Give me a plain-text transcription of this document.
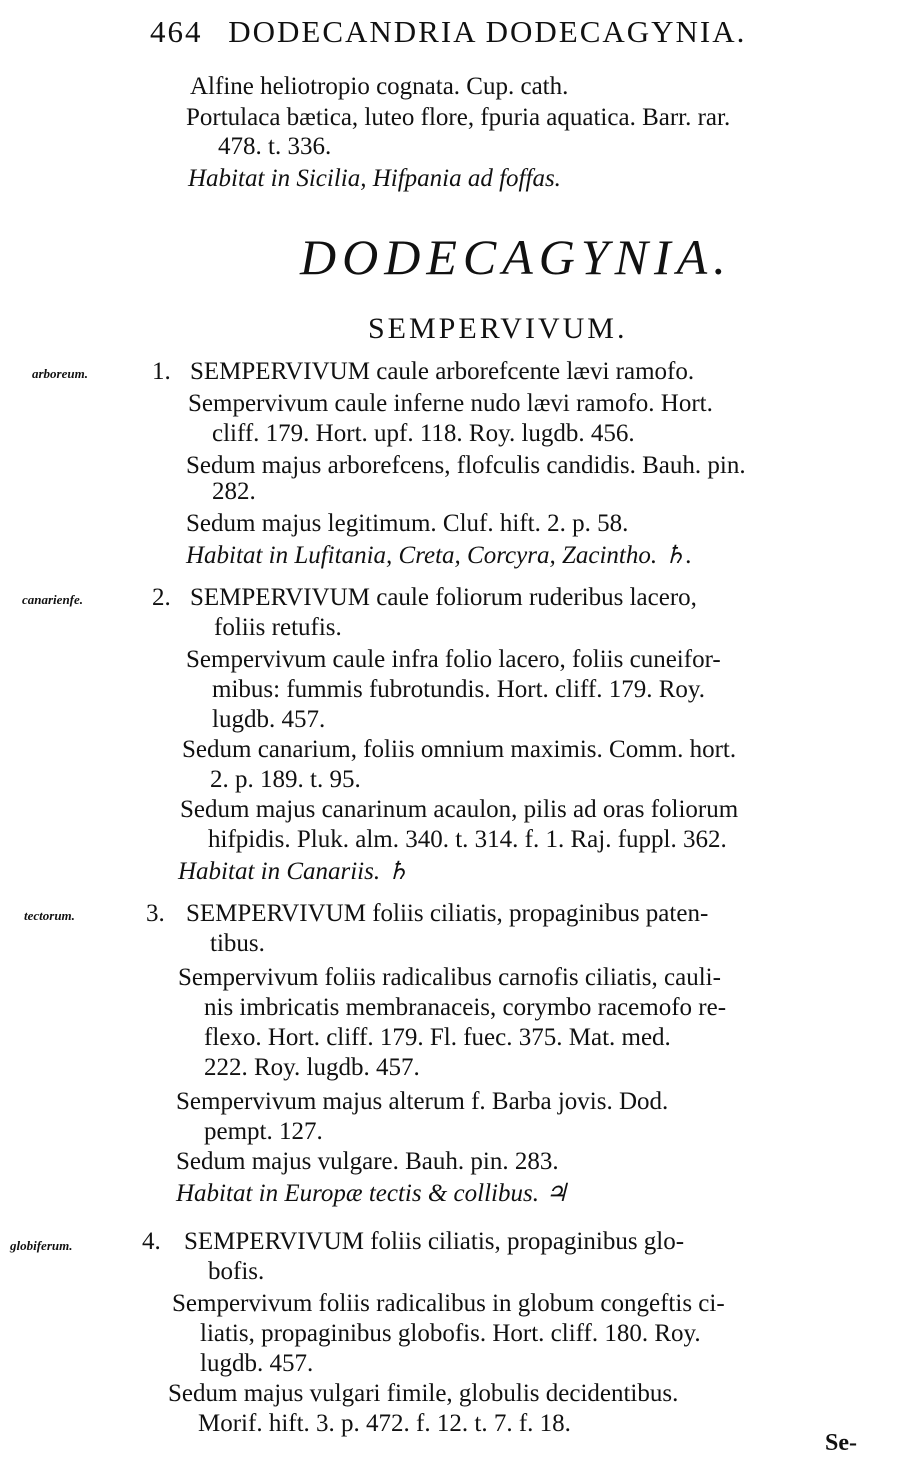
464 DODECANDRIA DODECAGYNIA.
Alfine heliotropio cognata. Cup. cath.
Portulaca bætica, luteo flore, fpuria aquatica. Barr. rar.
478. t. 336.
Habitat in Sicilia, Hifpania ad foffas.
DODECAGYNIA.
SEMPERVIVUM.
arboreum.	1. SEMPERVIVUM caule arborefcente lævi ramofo.
Sempervivum caule inferne nudo lævi ramofo. Hort.
cliff. 179. Hort. upf. 118. Roy. lugdb. 456.
Sedum majus arborefcens, flofculis candidis. Bauh. pin.
282.
Sedum majus legitimum. Cluf. hift. 2. p. 58.
Habitat in Lufitania, Creta, Corcyra, Zacintho. ♄.
canarienfe.	2. SEMPERVIVUM caule foliorum ruderibus lacero,
foliis retufis.
Sempervivum caule infra folio lacero, foliis cuneifor-
mibus: fummis fubrotundis. Hort. cliff. 179. Roy.
lugdb. 457.
Sedum canarium, foliis omnium maximis. Comm. hort.
2. p. 189. t. 95.
Sedum majus canarinum acaulon, pilis ad oras foliorum
hifpidis. Pluk. alm. 340. t. 314. f. 1. Raj. fuppl. 362.
Habitat in Canariis. ♄
tectorum.	3. SEMPERVIVUM foliis ciliatis, propaginibus paten-
tibus.
Sempervivum foliis radicalibus carnofis ciliatis, cauli-
nis imbricatis membranaceis, corymbo racemofo re-
flexo. Hort. cliff. 179. Fl. fuec. 375. Mat. med.
222. Roy. lugdb. 457.
Sempervivum majus alterum f. Barba jovis. Dod.
pempt. 127.
Sedum majus vulgare. Bauh. pin. 283.
Habitat in Europæ tectis & collibus. ♃
globiferum.	4. SEMPERVIVUM foliis ciliatis, propaginibus glo-
bofis.
Sempervivum foliis radicalibus in globum congeftis ci-
liatis, propaginibus globofis. Hort. cliff. 180. Roy.
lugdb. 457.
Sedum majus vulgari fimile, globulis decidentibus.
Morif. hift. 3. p. 472. f. 12. t. 7. f. 18.
Se-
